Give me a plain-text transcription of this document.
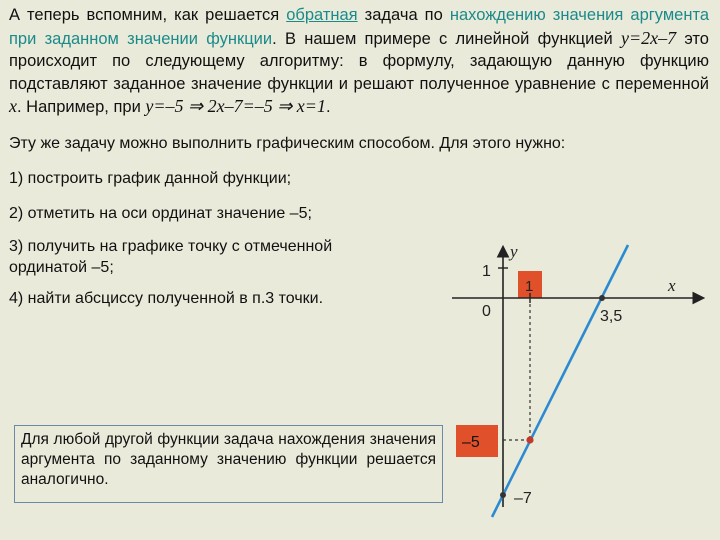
А теперь вспомним, как решается обратная задача по нахождению значения аргумента при заданном значении функции. В нашем примере с линейной функцией y=2x–7 это происходит по следующему алгоритму: в формулу, задающую данную функцию подставляют заданное значение функции и решают полученное уравнение с переменной x. Например, при y=–5 ⇒ 2x–7=–5 ⇒ x=1.
Эту же задачу можно выполнить графическим способом. Для этого нужно:
1) построить график данной функции;
2) отметить на оси ординат значение –5;
3) получить на графике точку с отмеченной ординатой –5;
4) найти абсциссу полученной в п.3 точки.
Для любой другой функции задача нахождения значения аргумента по заданному значению функции решается аналогично.
y
x
1
1
0	3,5
–5
–7
